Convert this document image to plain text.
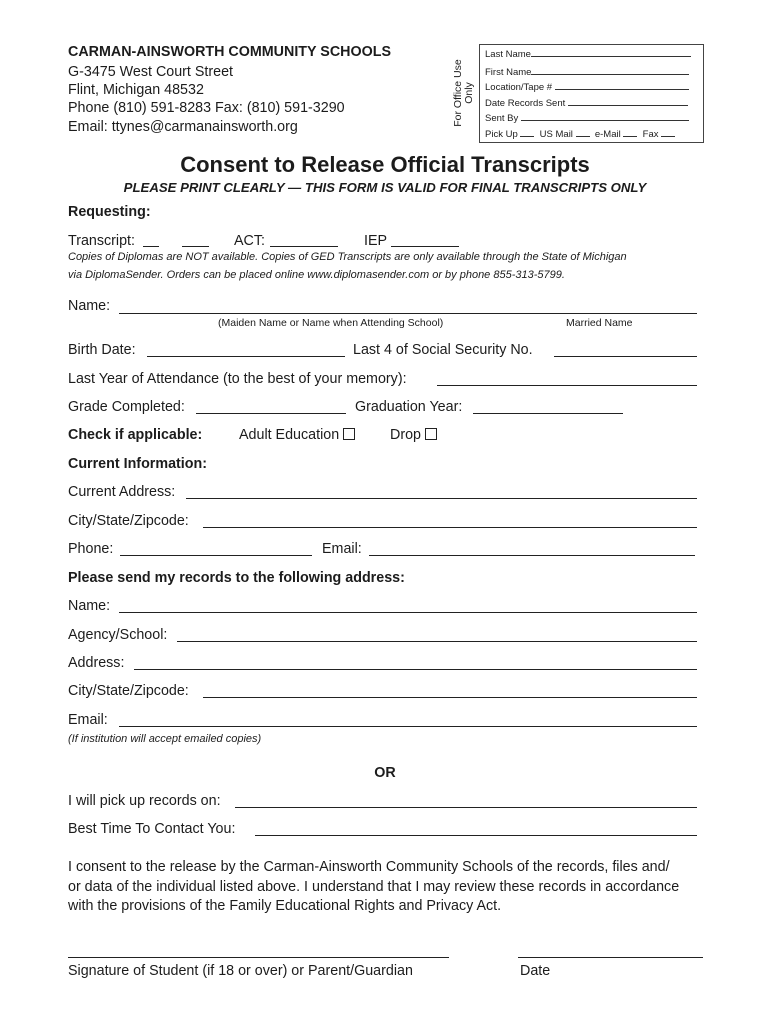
CARMAN-AINSWORTH COMMUNITY SCHOOLS
G-3475 West Court Street
Flint, Michigan 48532
Phone (810) 591-8283 Fax: (810) 591-3290
Email: ttynes@carmanainsworth.org
For Office Use Only
Last Name
First Name
Location/Tape #
Date Records Sent
Sent By
Pick Up US Mail e-Mail Fax
Consent to Release Official Transcripts
PLEASE PRINT CLEARLY — THIS FORM IS VALID FOR FINAL TRANSCRIPTS ONLY
Requesting:
Transcript:	ACT:	IEP
Copies of Diplomas are NOT available. Copies of GED Transcripts are only available through the State of Michigan
via DiplomaSender. Orders can be placed online www.diplomasender.com or by phone 855-313-5799.
Name:
(Maiden Name or Name when Attending School)	Married Name
Birth Date:	Last 4 of Social Security No.
Last Year of Attendance (to the best of your memory):
Grade Completed:	Graduation Year:
Check if applicable:	Adult Education	Drop
Current Information:
Current Address:
City/State/Zipcode:
Phone:	Email:
Please send my records to the following address:
Name:
Agency/School:
Address:
City/State/Zipcode:
Email:
(If institution will accept emailed copies)
OR
I will pick up records on:
Best Time To Contact You:
I consent to the release by the Carman-Ainsworth Community Schools of the records, files and/
or data of the individual listed above. I understand that I may review these records in accordance
with the provisions of the Family Educational Rights and Privacy Act.
Signature of Student (if 18 or over) or Parent/Guardian	Date
